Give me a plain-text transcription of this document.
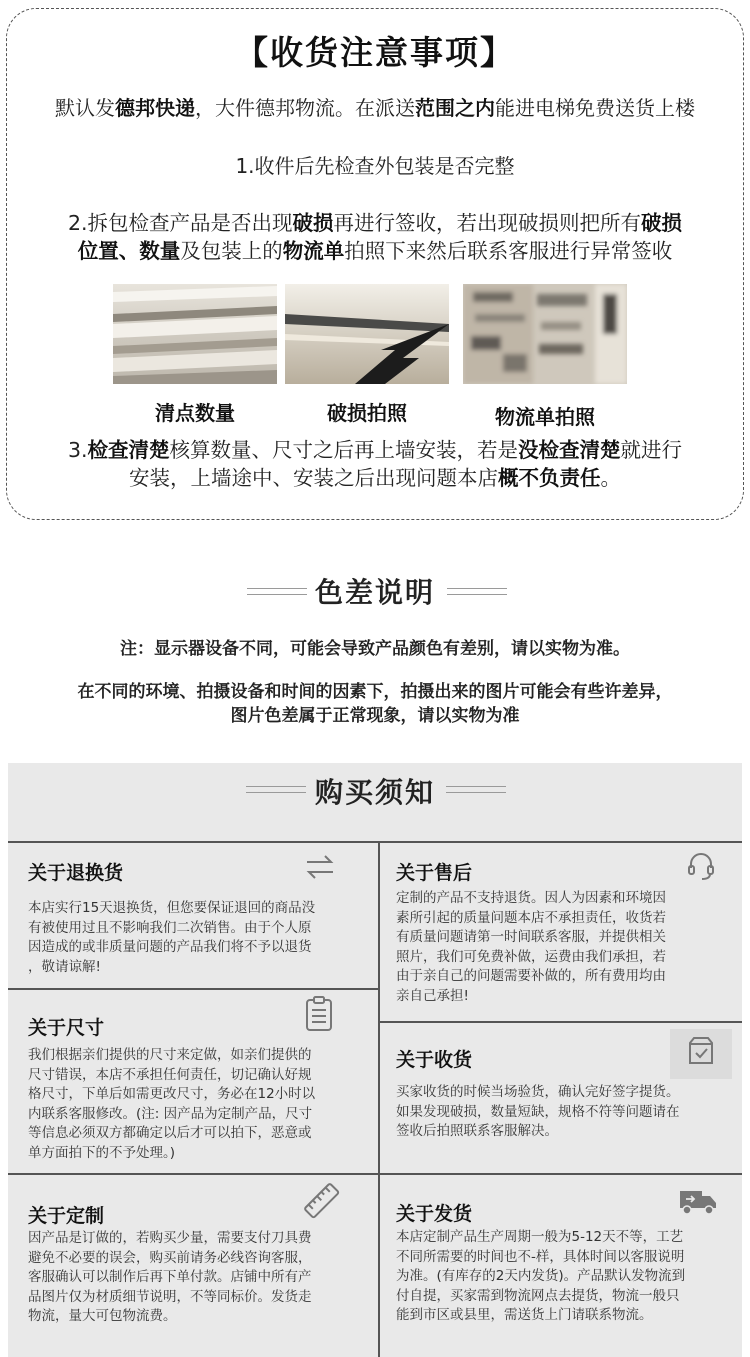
【收货注意事项】
默认发德邦快递，大件德邦物流。在派送范围之内能进电梯免费送货上楼
1.收件后先检查外包装是否完整
2.拆包检查产品是否出现破损再进行签收，若出现破损则把所有破损
位置、数量及包装上的物流单拍照下来然后联系客服进行异常签收
清点数量	破损拍照	物流单拍照
3.检查清楚核算数量、尺寸之后再上墙安装，若是没检查清楚就进行
安装，上墙途中、安装之后出现问题本店概不负责任。
色差说明
注：显示器设备不同，可能会导致产品颜色有差别，请以实物为准。
在不同的环境、拍摄设备和时间的因素下，拍摄出来的图片可能会有些许差异，
图片色差属于正常现象，请以实物为准
购买须知
关于退换货
本店实行15天退换货，但您要保证退回的商品没
有被使用过且不影响我们二次销售。由于个人原
因造成的或非质量问题的产品我们将不予以退货
，敬请谅解!
关于售后
定制的产品不支持退货。因人为因素和环境因
素所引起的质量问题本店不承担责任，收货若
有质量问题请第一时间联系客服，并提供相关
照片，我们可免费补做，运费由我们承担，若
由于亲自己的问题需要补做的，所有费用均由
亲自己承担!
关于尺寸
我们根据亲们提供的尺寸来定做，如亲们提供的
尺寸错误，本店不承担任何责任，切记确认好规
格尺寸，下单后如需更改尺寸，务必在12小时以
内联系客服修改。(注: 因产品为定制产品，尺寸
等信息必须双方都确定以后才可以拍下，恶意或
单方面拍下的不予处理。)
关于收货
买家收货的时候当场验货，确认完好签字提货。
如果发现破损，数量短缺，规格不符等问题请在
签收后拍照联系客服解决。
关于定制
因产品是订做的，若购买少量，需要支付刀具费
避免不必要的误会，购买前请务必线咨询客服，
客服确认可以制作后再下单付款。店铺中所有产
品图片仅为材质细节说明，不等同标价。发货走
物流，量大可包物流费。
关于发货
本店定制产品生产周期一般为5-12天不等，工艺
不同所需要的时间也不-样，具体时间以客服说明
为准。(有库存的2天内发货)。产品默认发物流到
付自提，买家需到物流网点去提货，物流一般只
能到市区或县里，需送货上门请联系物流。
